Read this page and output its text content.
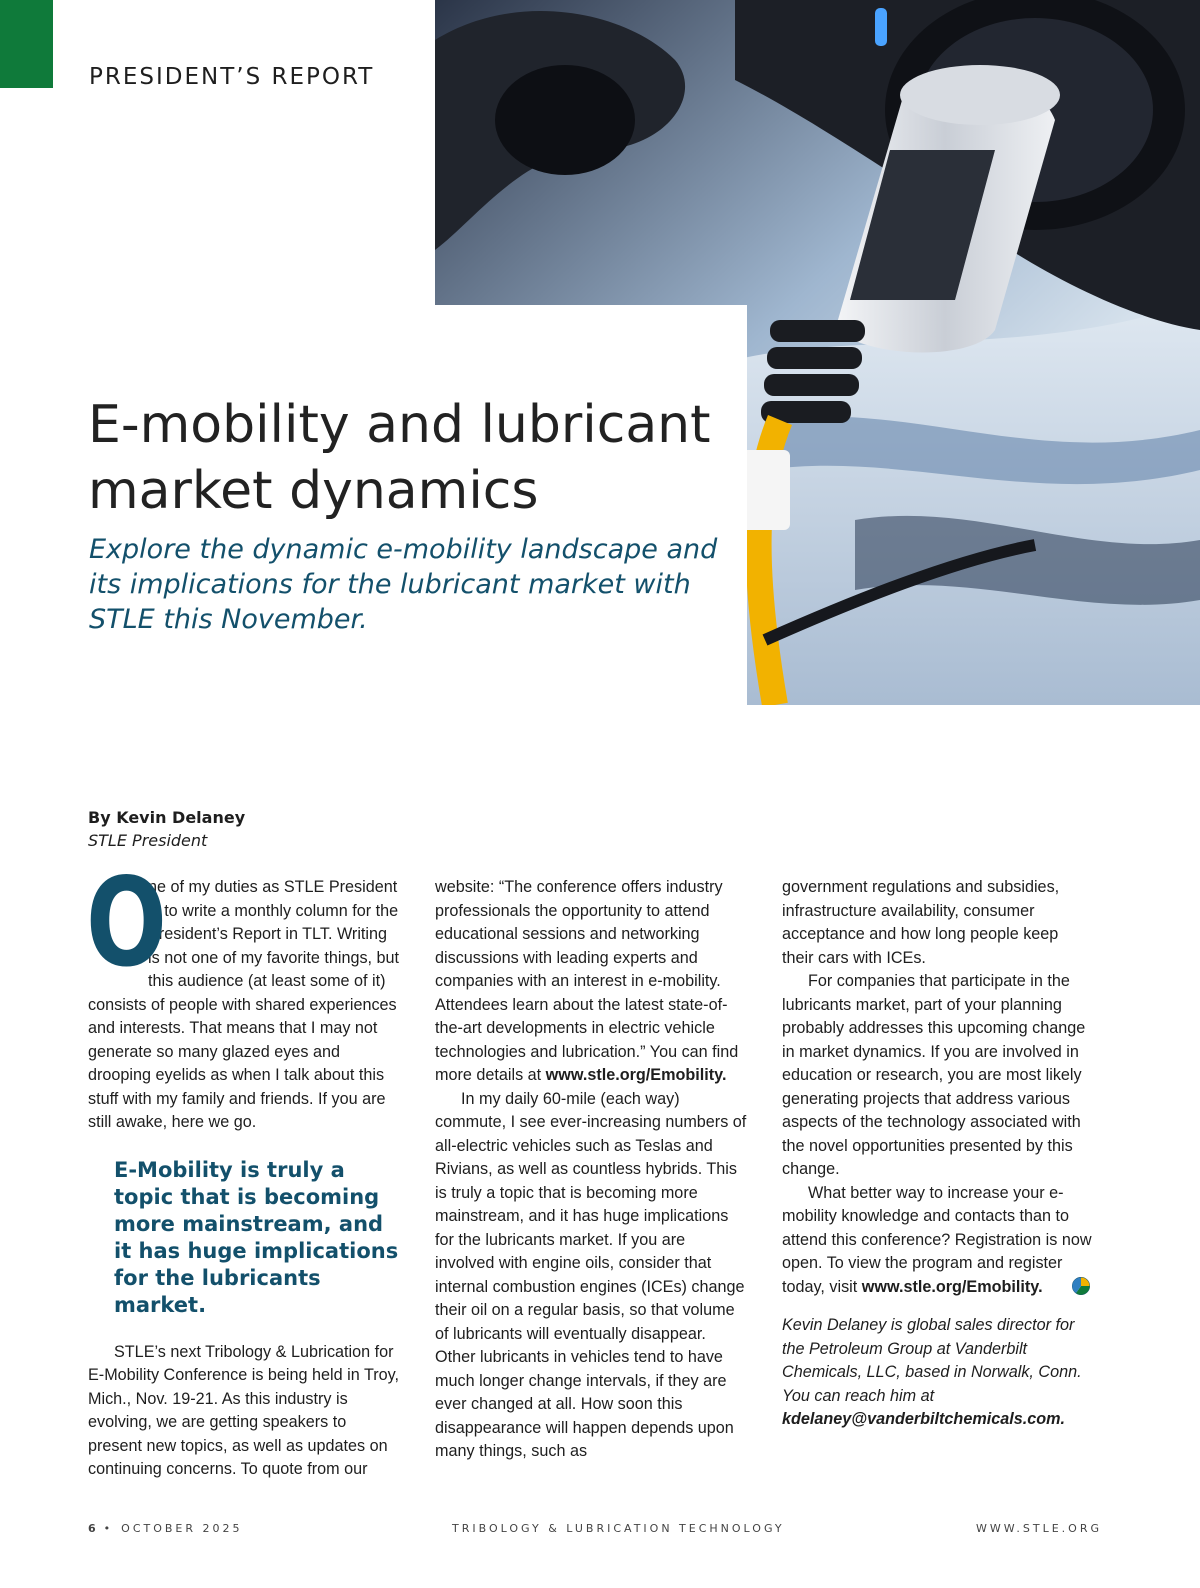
PRESIDENT’S REPORT
E-mobility and lubricant
market dynamics

Explore the dynamic e-mobility landscape and its implications for the lubricant market with STLE this November.

By Kevin Delaney
STLE President
O

ne of my duties as STLE President is to write a monthly column for the President’s Report in TLT. Writing is not one of my favorite things, but this audience (at least some of it) consists of people with shared experiences and interests. That means that I may not generate so many glazed eyes and drooping eyelids as when I talk about this stuff with my family and friends. If you are still awake, here we go.

E-Mobility is truly a topic that is becoming more mainstream, and it has huge implications for the lubricants market.

STLE’s next Tribology & Lubrication for E-Mobility Conference is being held in Troy, Mich., Nov. 19-21. As this industry is evolving, we are getting speakers to present new topics, as well as updates on continuing concerns. To quote from our

website: “The conference offers industry professionals the opportunity to attend educational sessions and networking discussions with leading experts and companies with an interest in e-mobility. Attendees learn about the latest state-of-the-art developments in electric vehicle technologies and lubrication.” You can find more details at www.stle.org/Emobility.

In my daily 60-mile (each way) commute, I see ever-increasing numbers of all-electric vehicles such as Teslas and Rivians, as well as countless hybrids. This is truly a topic that is becoming more mainstream, and it has huge implications for the lubricants market. If you are involved with engine oils, consider that internal combustion engines (ICEs) change their oil on a regular basis, so that volume of lubricants will eventually disappear. Other lubricants in vehicles tend to have much longer change intervals, if they are ever changed at all. How soon this disappearance will happen depends upon many things, such as

government regulations and subsidies, infrastructure availability, consumer acceptance and how long people keep their cars with ICEs.

For companies that participate in the lubricants market, part of your planning probably addresses this upcoming change in market dynamics. If you are involved in education or research, you are most likely generating projects that address various aspects of the technology associated with the novel opportunities presented by this change.

What better way to increase your e-mobility knowledge and contacts than to attend this conference? Registration is now open. To view the program and register today, visit www.stle.org/Emobility.

Kevin Delaney is global sales director for the Petroleum Group at Vanderbilt Chemicals, LLC, based in Norwalk, Conn. You can reach him at kdelaney@vanderbiltchemicals.com.

6 • OCTOBER 2025	TRIBOLOGY & LUBRICATION TECHNOLOGY	WWW.STLE.ORG
